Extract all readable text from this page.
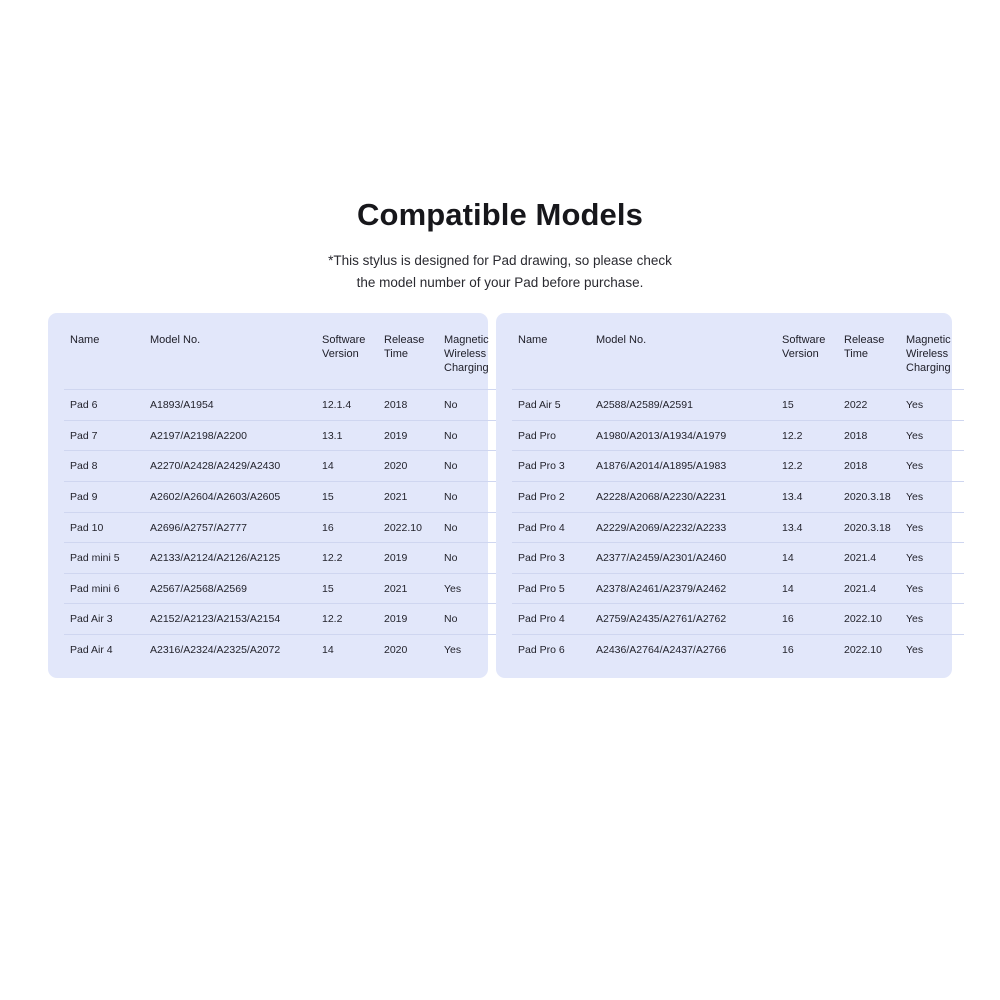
Compatible Models
*This stylus is designed for Pad drawing, so please check
the model number of your Pad before purchase.
Name	Model No.	Software Version	Release Time	Magnetic Wireless Charging
Pad 6	A1893/A1954	12.1.4	2018	No
Pad 7	A2197/A2198/A2200	13.1	2019	No
Pad 8	A2270/A2428/A2429/A2430	14	2020	No
Pad 9	A2602/A2604/A2603/A2605	15	2021	No
Pad 10	A2696/A2757/A2777	16	2022.10	No
Pad mini 5	A2133/A2124/A2126/A2125	12.2	2019	No
Pad mini 6	A2567/A2568/A2569	15	2021	Yes
Pad Air 3	A2152/A2123/A2153/A2154	12.2	2019	No
Pad Air 4	A2316/A2324/A2325/A2072	14	2020	Yes
Name	Model No.	Software Version	Release Time	Magnetic Wireless Charging
Pad Air 5	A2588/A2589/A2591	15	2022	Yes
Pad Pro	A1980/A2013/A1934/A1979	12.2	2018	Yes
Pad Pro 3	A1876/A2014/A1895/A1983	12.2	2018	Yes
Pad Pro 2	A2228/A2068/A2230/A2231	13.4	2020.3.18	Yes
Pad Pro 4	A2229/A2069/A2232/A2233	13.4	2020.3.18	Yes
Pad Pro 3	A2377/A2459/A2301/A2460	14	2021.4	Yes
Pad Pro 5	A2378/A2461/A2379/A2462	14	2021.4	Yes
Pad Pro 4	A2759/A2435/A2761/A2762	16	2022.10	Yes
Pad Pro 6	A2436/A2764/A2437/A2766	16	2022.10	Yes
